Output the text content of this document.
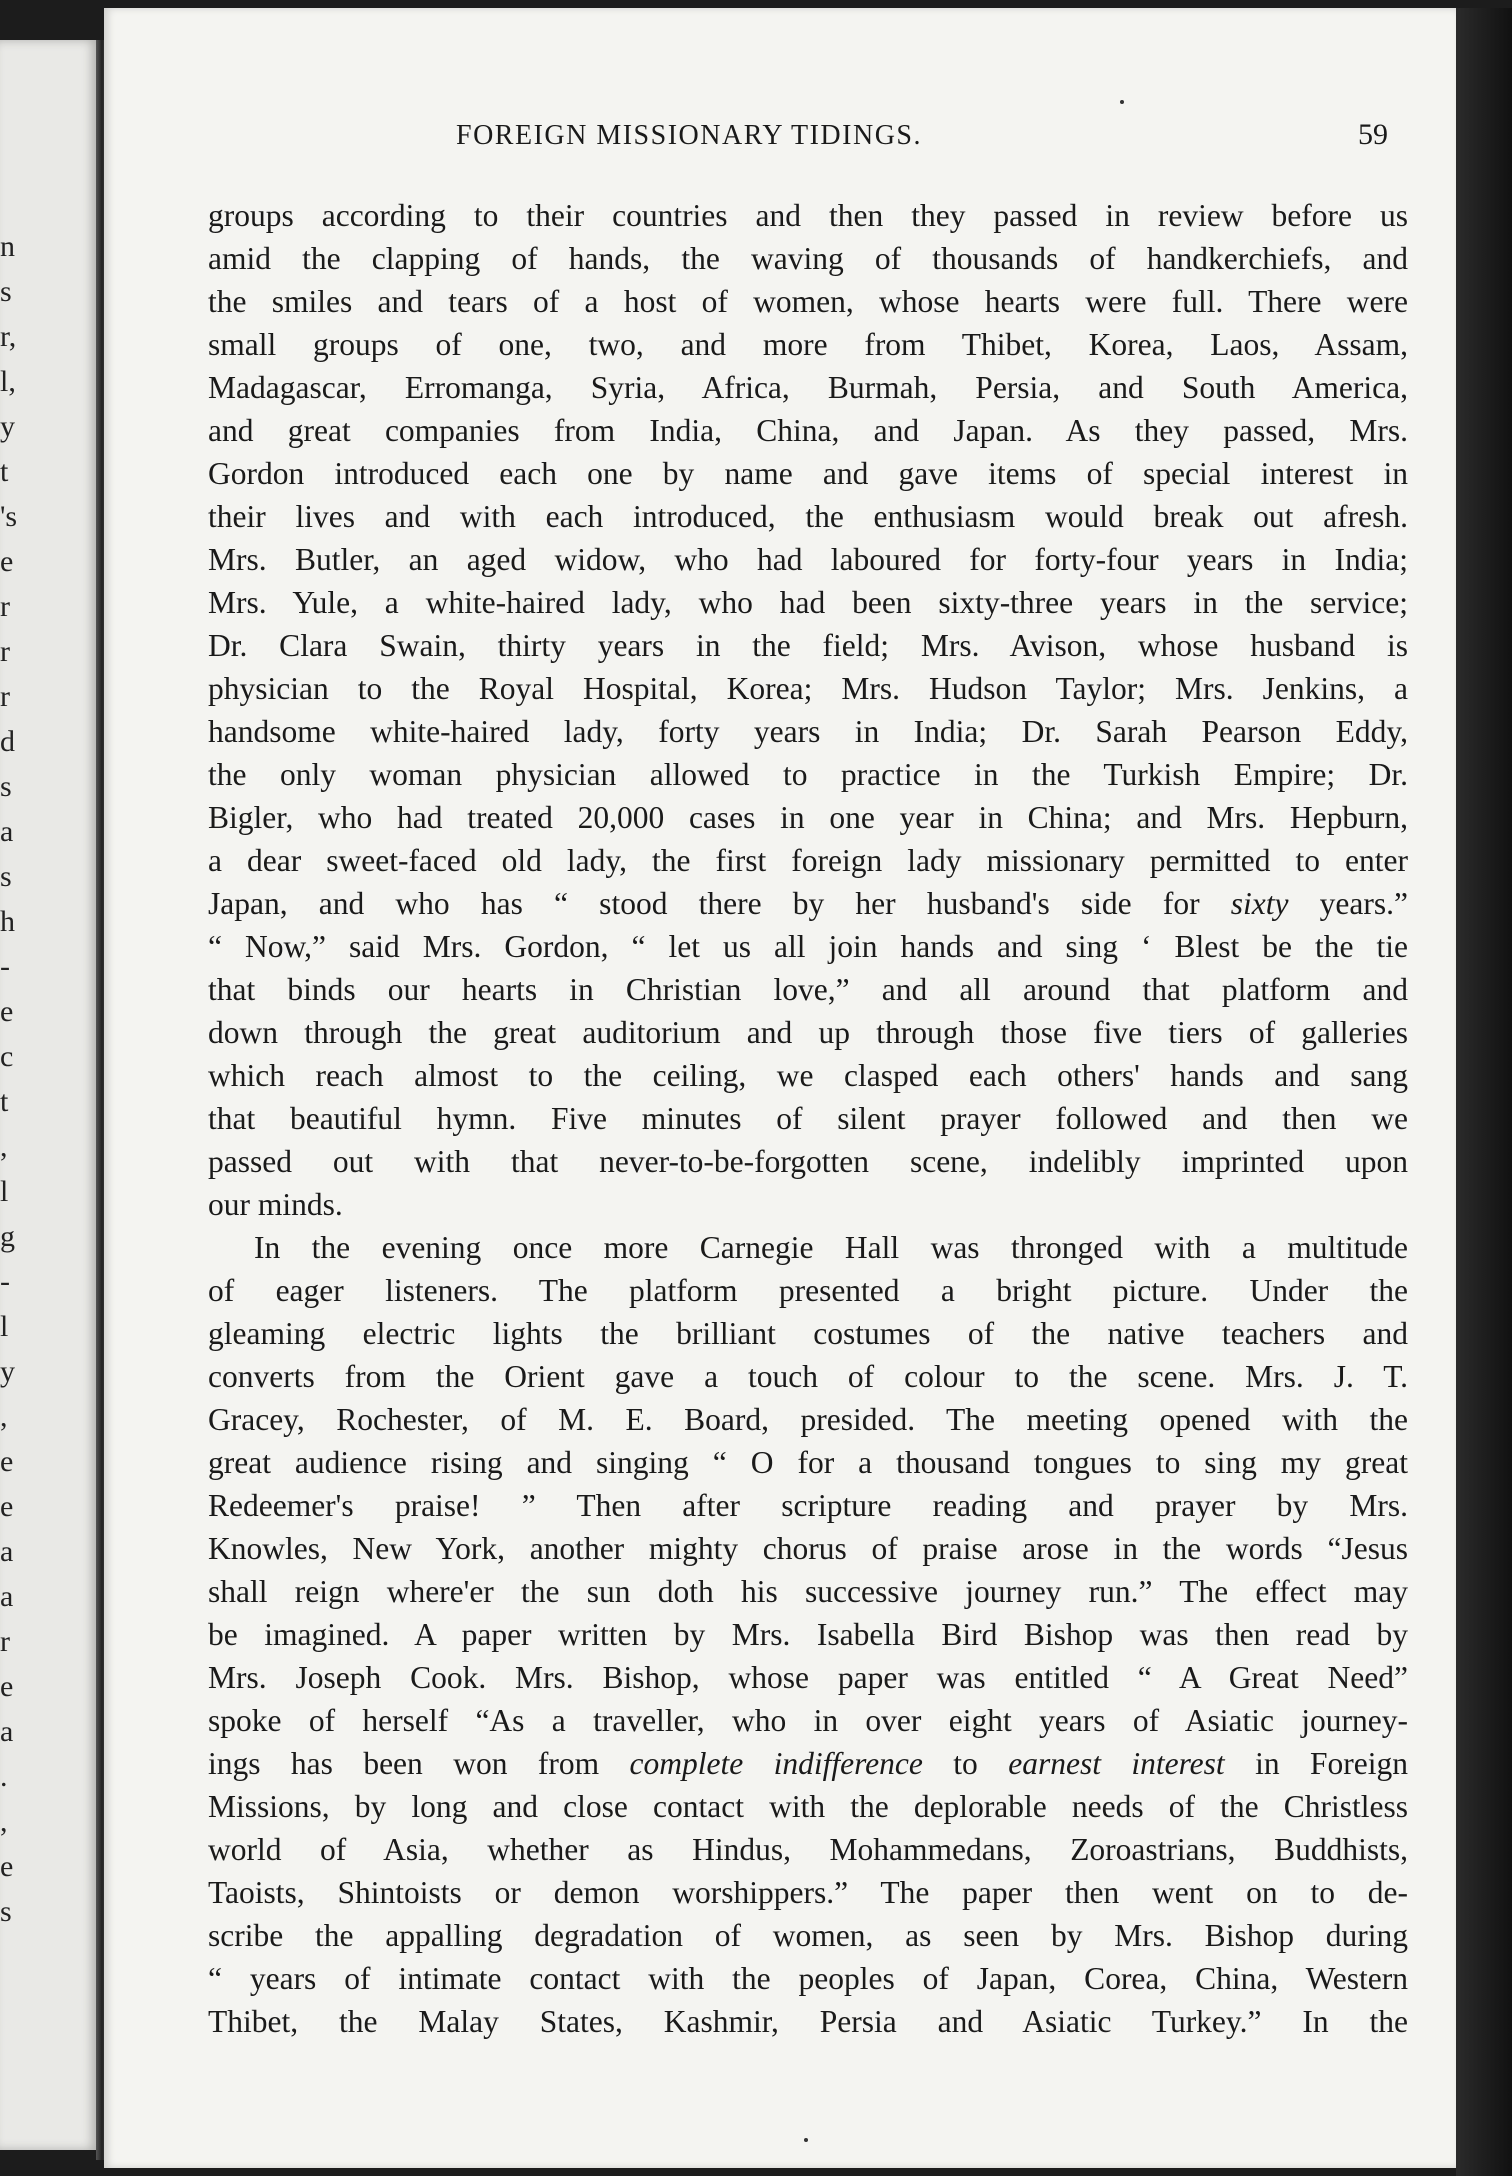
n
s
r,
l,
y
t
's
e
r
r
r
d
s
a
s
h
-
e
c
t
,
l
g
-
l
y
,
e
e
a
a
r
e
a
.
,
e
s
FOREIGN MISSIONARY TIDINGS.	59
groups according to their countries and then they passed in review before us
amid the clapping of hands, the waving of thousands of handkerchiefs, and
the smiles and tears of a host of women, whose hearts were full. There were
small groups of one, two, and more from Thibet, Korea, Laos, Assam,
Madagascar, Erromanga, Syria, Africa, Burmah, Persia, and South America,
and great companies from India, China, and Japan. As they passed, Mrs.
Gordon introduced each one by name and gave items of special interest in
their lives and with each introduced, the enthusiasm would break out afresh.
Mrs. Butler, an aged widow, who had laboured for forty-four years in India;
Mrs. Yule, a white-haired lady, who had been sixty-three years in the service;
Dr. Clara Swain, thirty years in the field; Mrs. Avison, whose husband is
physician to the Royal Hospital, Korea; Mrs. Hudson Taylor; Mrs. Jenkins, a
handsome white-haired lady, forty years in India; Dr. Sarah Pearson Eddy,
the only woman physician allowed to practice in the Turkish Empire; Dr.
Bigler, who had treated 20,000 cases in one year in China; and Mrs. Hepburn,
a dear sweet-faced old lady, the first foreign lady missionary permitted to enter
Japan, and who has “ stood there by her husband's side for sixty years.”
“ Now,” said Mrs. Gordon, “ let us all join hands and sing ‘ Blest be the tie
that binds our hearts in Christian love,” and all around that platform and
down through the great auditorium and up through those five tiers of galleries
which reach almost to the ceiling, we clasped each others' hands and sang
that beautiful hymn. Five minutes of silent prayer followed and then we
passed out with that never-to-be-forgotten scene, indelibly imprinted upon
our minds.
In the evening once more Carnegie Hall was thronged with a multitude
of eager listeners. The platform presented a bright picture. Under the
gleaming electric lights the brilliant costumes of the native teachers and
converts from the Orient gave a touch of colour to the scene. Mrs. J. T.
Gracey, Rochester, of M. E. Board, presided. The meeting opened with the
great audience rising and singing “ O for a thousand tongues to sing my great
Redeemer's praise! ” Then after scripture reading and prayer by Mrs.
Knowles, New York, another mighty chorus of praise arose in the words “Jesus
shall reign where'er the sun doth his successive journey run.” The effect may
be imagined. A paper written by Mrs. Isabella Bird Bishop was then read by
Mrs. Joseph Cook. Mrs. Bishop, whose paper was entitled “ A Great Need”
spoke of herself “As a traveller, who in over eight years of Asiatic journey-
ings has been won from complete indifference to earnest interest in Foreign
Missions, by long and close contact with the deplorable needs of the Christless
world of Asia, whether as Hindus, Mohammedans, Zoroastrians, Buddhists,
Taoists, Shintoists or demon worshippers.” The paper then went on to de-
scribe the appalling degradation of women, as seen by Mrs. Bishop during
“ years of intimate contact with the peoples of Japan, Corea, China, Western
Thibet, the Malay States, Kashmir, Persia and Asiatic Turkey.” In the
